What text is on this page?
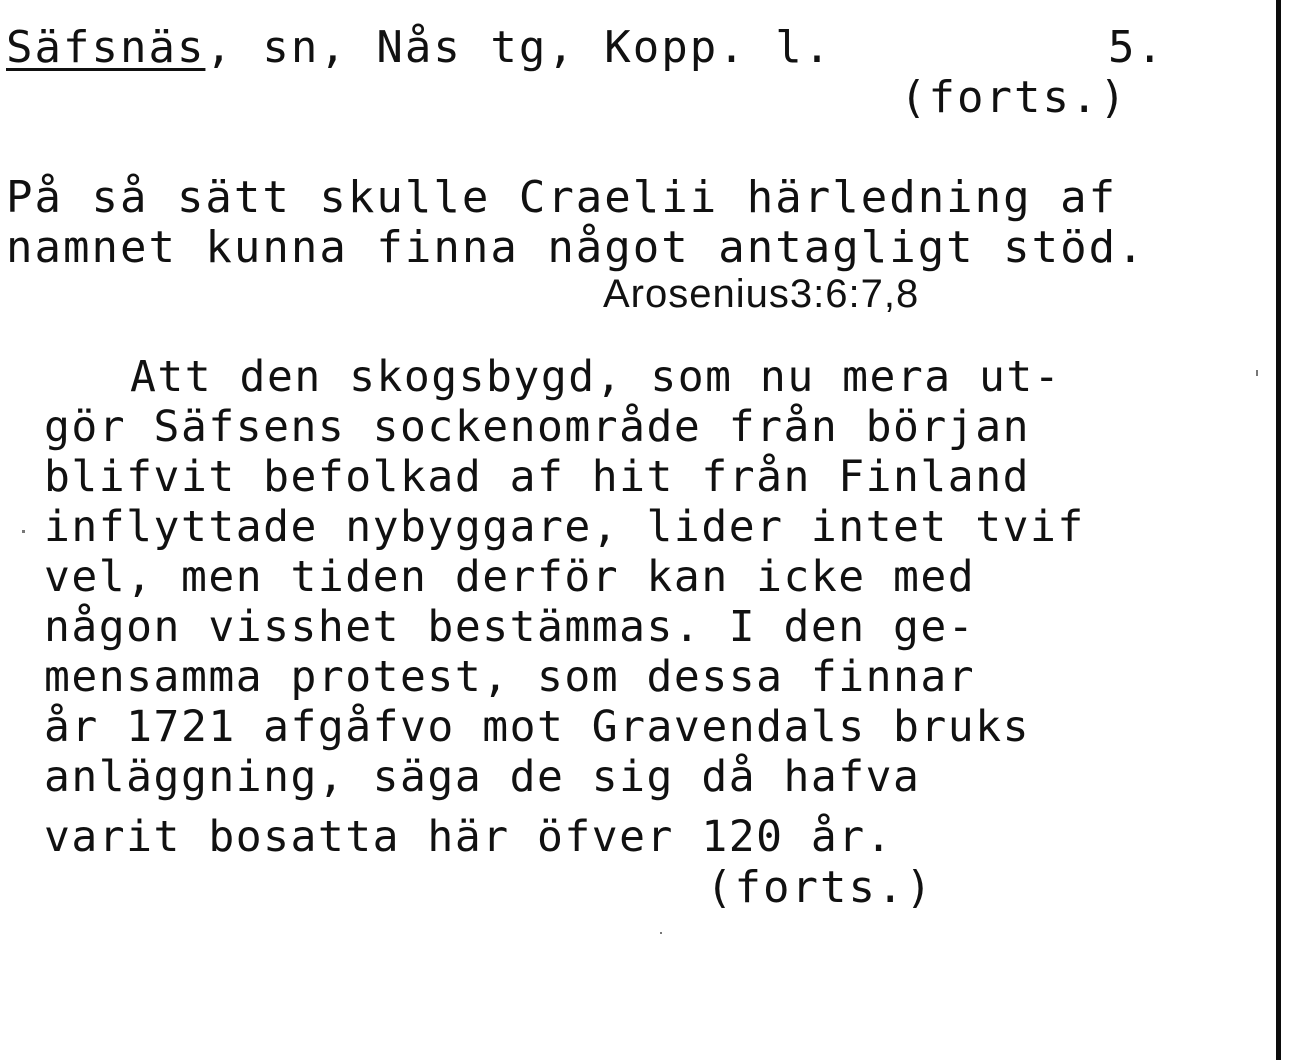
Säfsnäs, sn, Nås tg, Kopp. l.	5.
(forts.)
På så sätt skulle Craelii härledning af
namnet kunna finna något antagligt stöd.
Arosenius3:6:7,8
Att den skogsbygd, som nu mera ut-
gör Säfsens sockenområde från början
blifvit befolkad af hit från Finland
inflyttade nybyggare, lider intet tvif
vel, men tiden derför kan icke med
någon visshet bestämmas. I den ge-
mensamma protest, som dessa finnar
år 1721 afgåfvo mot Gravendals bruks
anläggning, säga de sig då hafva
varit bosatta här öfver 120 år.
(forts.)
